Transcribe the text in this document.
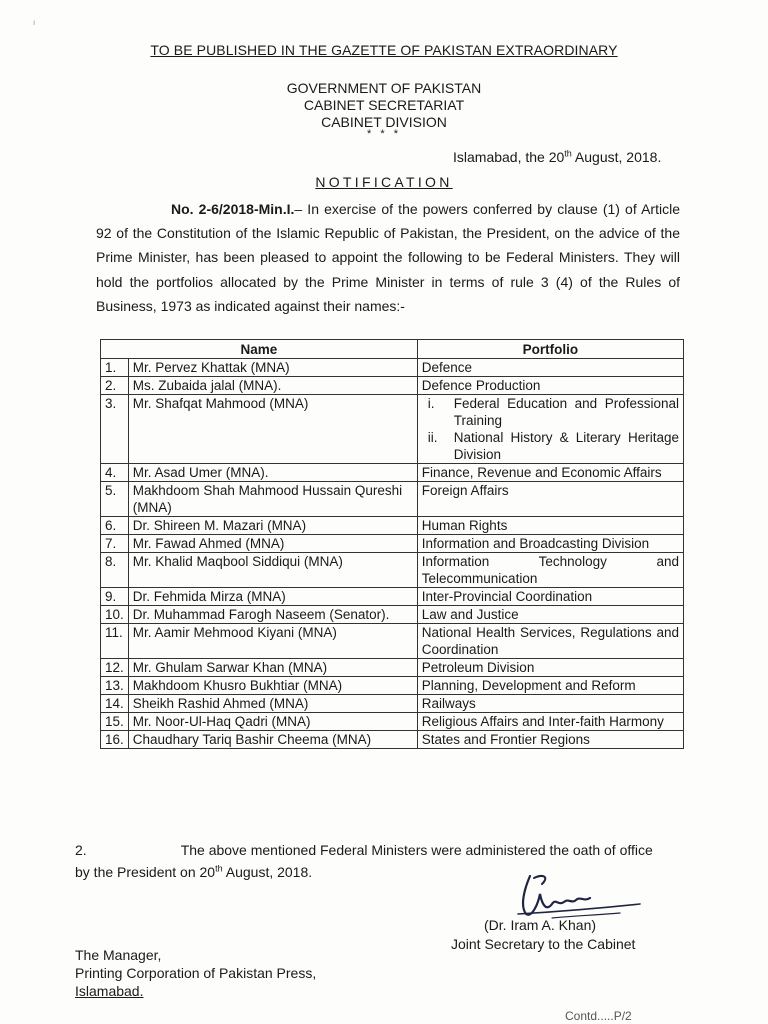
ı
TO BE PUBLISHED IN THE GAZETTE OF PAKISTAN EXTRAORDINARY
GOVERNMENT OF PAKISTAN
CABINET SECRETARIAT
CABINET DIVISION
* * *
Islamabad, the 20th August, 2018.
NOTIFICATION
No. 2-6/2018-Min.I.– In exercise of the powers conferred by clause (1) of Article 92 of the Constitution of the Islamic Republic of Pakistan, the President, on the advice of the Prime Minister, has been pleased to appoint the following to be Federal Ministers. They will hold the portfolios allocated by the Prime Minister in terms of rule 3 (4) of the Rules of Business, 1973 as indicated against their names:-
Name		Portfolio
1.	Mr. Pervez Khattak (MNA)	Defence
2.	Ms. Zubaida jalal (MNA).	Defence Production
3.	Mr. Shafqat Mahmood (MNA)	i. Federal Education and Professional Training
ii. National History & Literary Heritage Division

4.	Mr. Asad Umer (MNA).	Finance, Revenue and Economic Affairs
5.	Makhdoom Shah Mahmood Hussain Qureshi (MNA)	Foreign Affairs
6.	Dr. Shireen M. Mazari (MNA)	Human Rights
7.	Mr. Fawad Ahmed (MNA)	Information and Broadcasting Division
8.	Mr. Khalid Maqbool Siddiqui (MNA)	Information Technology and Telecommunication
9.	Dr. Fehmida Mirza (MNA)	Inter-Provincial Coordination
10.	Dr. Muhammad Farogh Naseem (Senator).	Law and Justice
11.	Mr. Aamir Mehmood Kiyani (MNA)	National Health Services, Regulations and Coordination
12.	Mr. Ghulam Sarwar Khan (MNA)	Petroleum Division
13.	Makhdoom Khusro Bukhtiar (MNA)	Planning, Development and Reform
14.	Sheikh Rashid Ahmed (MNA)	Railways
15.	Mr. Noor-Ul-Haq Qadri (MNA)	Religious Affairs and Inter-faith Harmony
16.	Chaudhary Tariq Bashir Cheema (MNA)	States and Frontier Regions
2.	The above mentioned Federal Ministers were administered the oath of office by the President on 20th August, 2018.
(Dr. Iram A. Khan)
Joint Secretary to the Cabinet
The Manager,
Printing Corporation of Pakistan Press,
Islamabad.
Contd.....P/2
